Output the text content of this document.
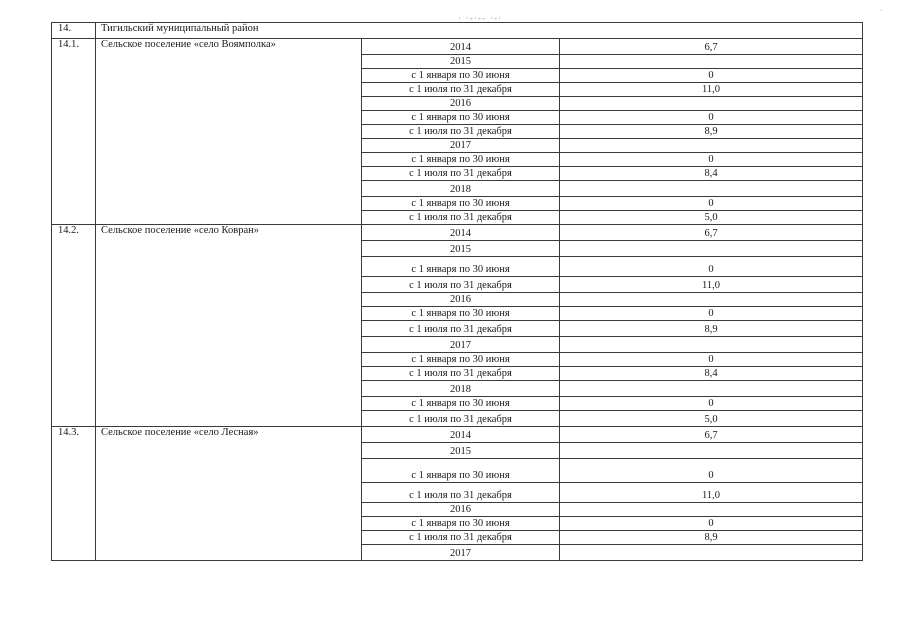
· ·-·-- ·-·
·
14.	Тигильский муниципальный район		
14.1.	Сельское поселение «село Воямполка»	2014	6,7
		2015	
		с 1 января по 30 июня	0
		с 1 июля по 31 декабря	11,0
		2016	
		с 1 января по 30 июня	0
		с 1 июля по 31 декабря	8,9
		2017	
		с 1 января по 30 июня	0
		с 1 июля по 31 декабря	8,4
		2018	
		с 1 января по 30 июня	0
		с 1 июля по 31 декабря	5,0
14.2.	Сельское поселение «село Ковран»	2014	6,7
		2015	
		с 1 января по 30 июня	0
		с 1 июля по 31 декабря	11,0
		2016	
		с 1 января по 30 июня	0
		с 1 июля по 31 декабря	8,9
		2017	
		с 1 января по 30 июня	0
		с 1 июля по 31 декабря	8,4
		2018	
		с 1 января по 30 июня	0
		с 1 июля по 31 декабря	5,0
14.3.	Сельское поселение «село Лесная»	2014	6,7
		2015	
		с 1 января по 30 июня	0
		с 1 июля по 31 декабря	11,0
		2016	
		с 1 января по 30 июня	0
		с 1 июля по 31 декабря	8,9
		2017	
